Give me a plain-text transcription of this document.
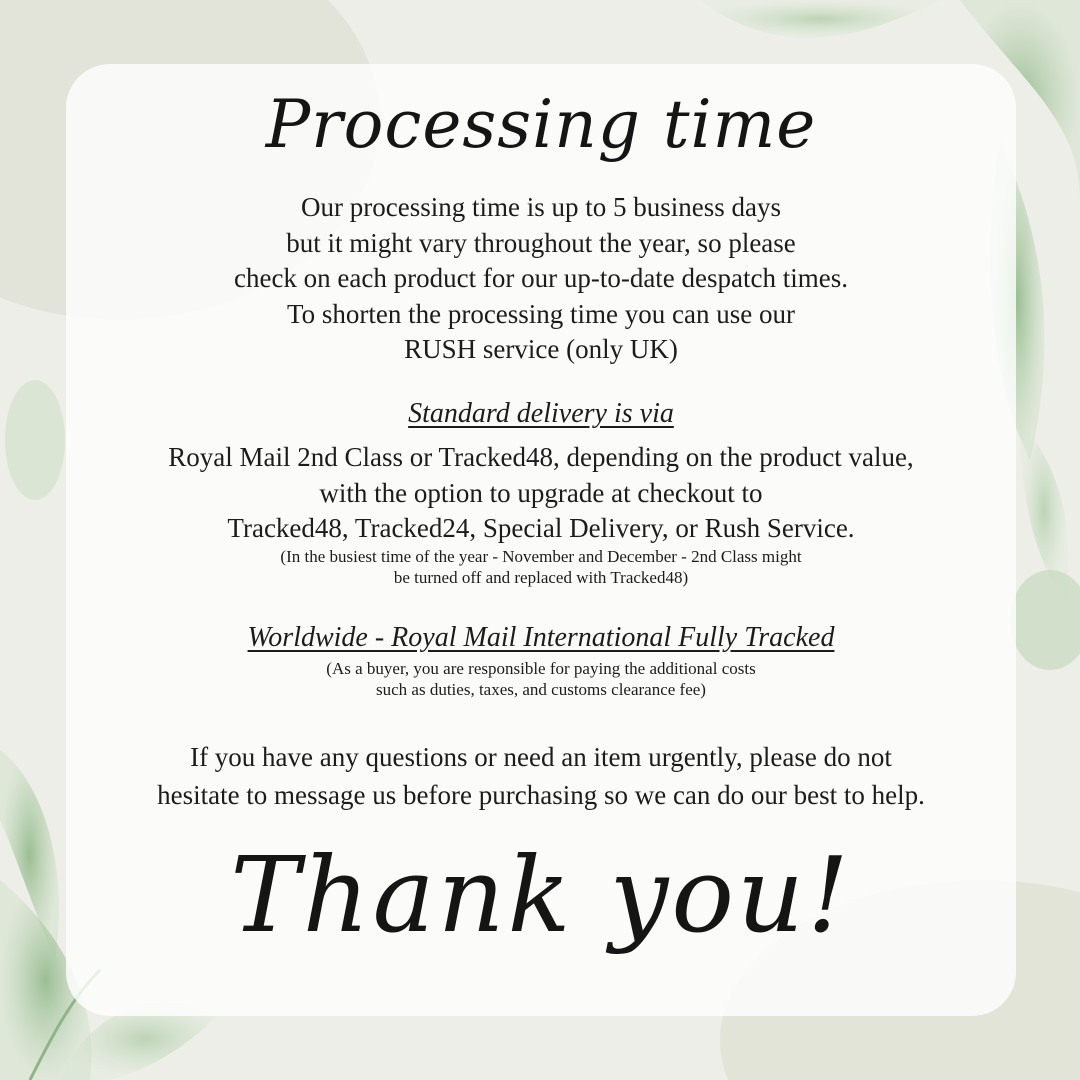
Processing time
Our processing time is up to 5 business days
but it might vary throughout the year, so please
check on each product for our up-to-date despatch times.
To shorten the processing time you can use our
RUSH service (only UK)
Standard delivery is via
Royal Mail 2nd Class or Tracked48, depending on the product value,
with the option to upgrade at checkout to
Tracked48, Tracked24, Special Delivery, or Rush Service.
(In the busiest time of the year - November and December - 2nd Class might
be turned off and replaced with Tracked48)
Worldwide - Royal Mail International Fully Tracked
(As a buyer, you are responsible for paying the additional costs
such as duties, taxes, and customs clearance fee)
If you have any questions or need an item urgently, please do not
hesitate to message us before purchasing so we can do our best to help.
Thank you!
